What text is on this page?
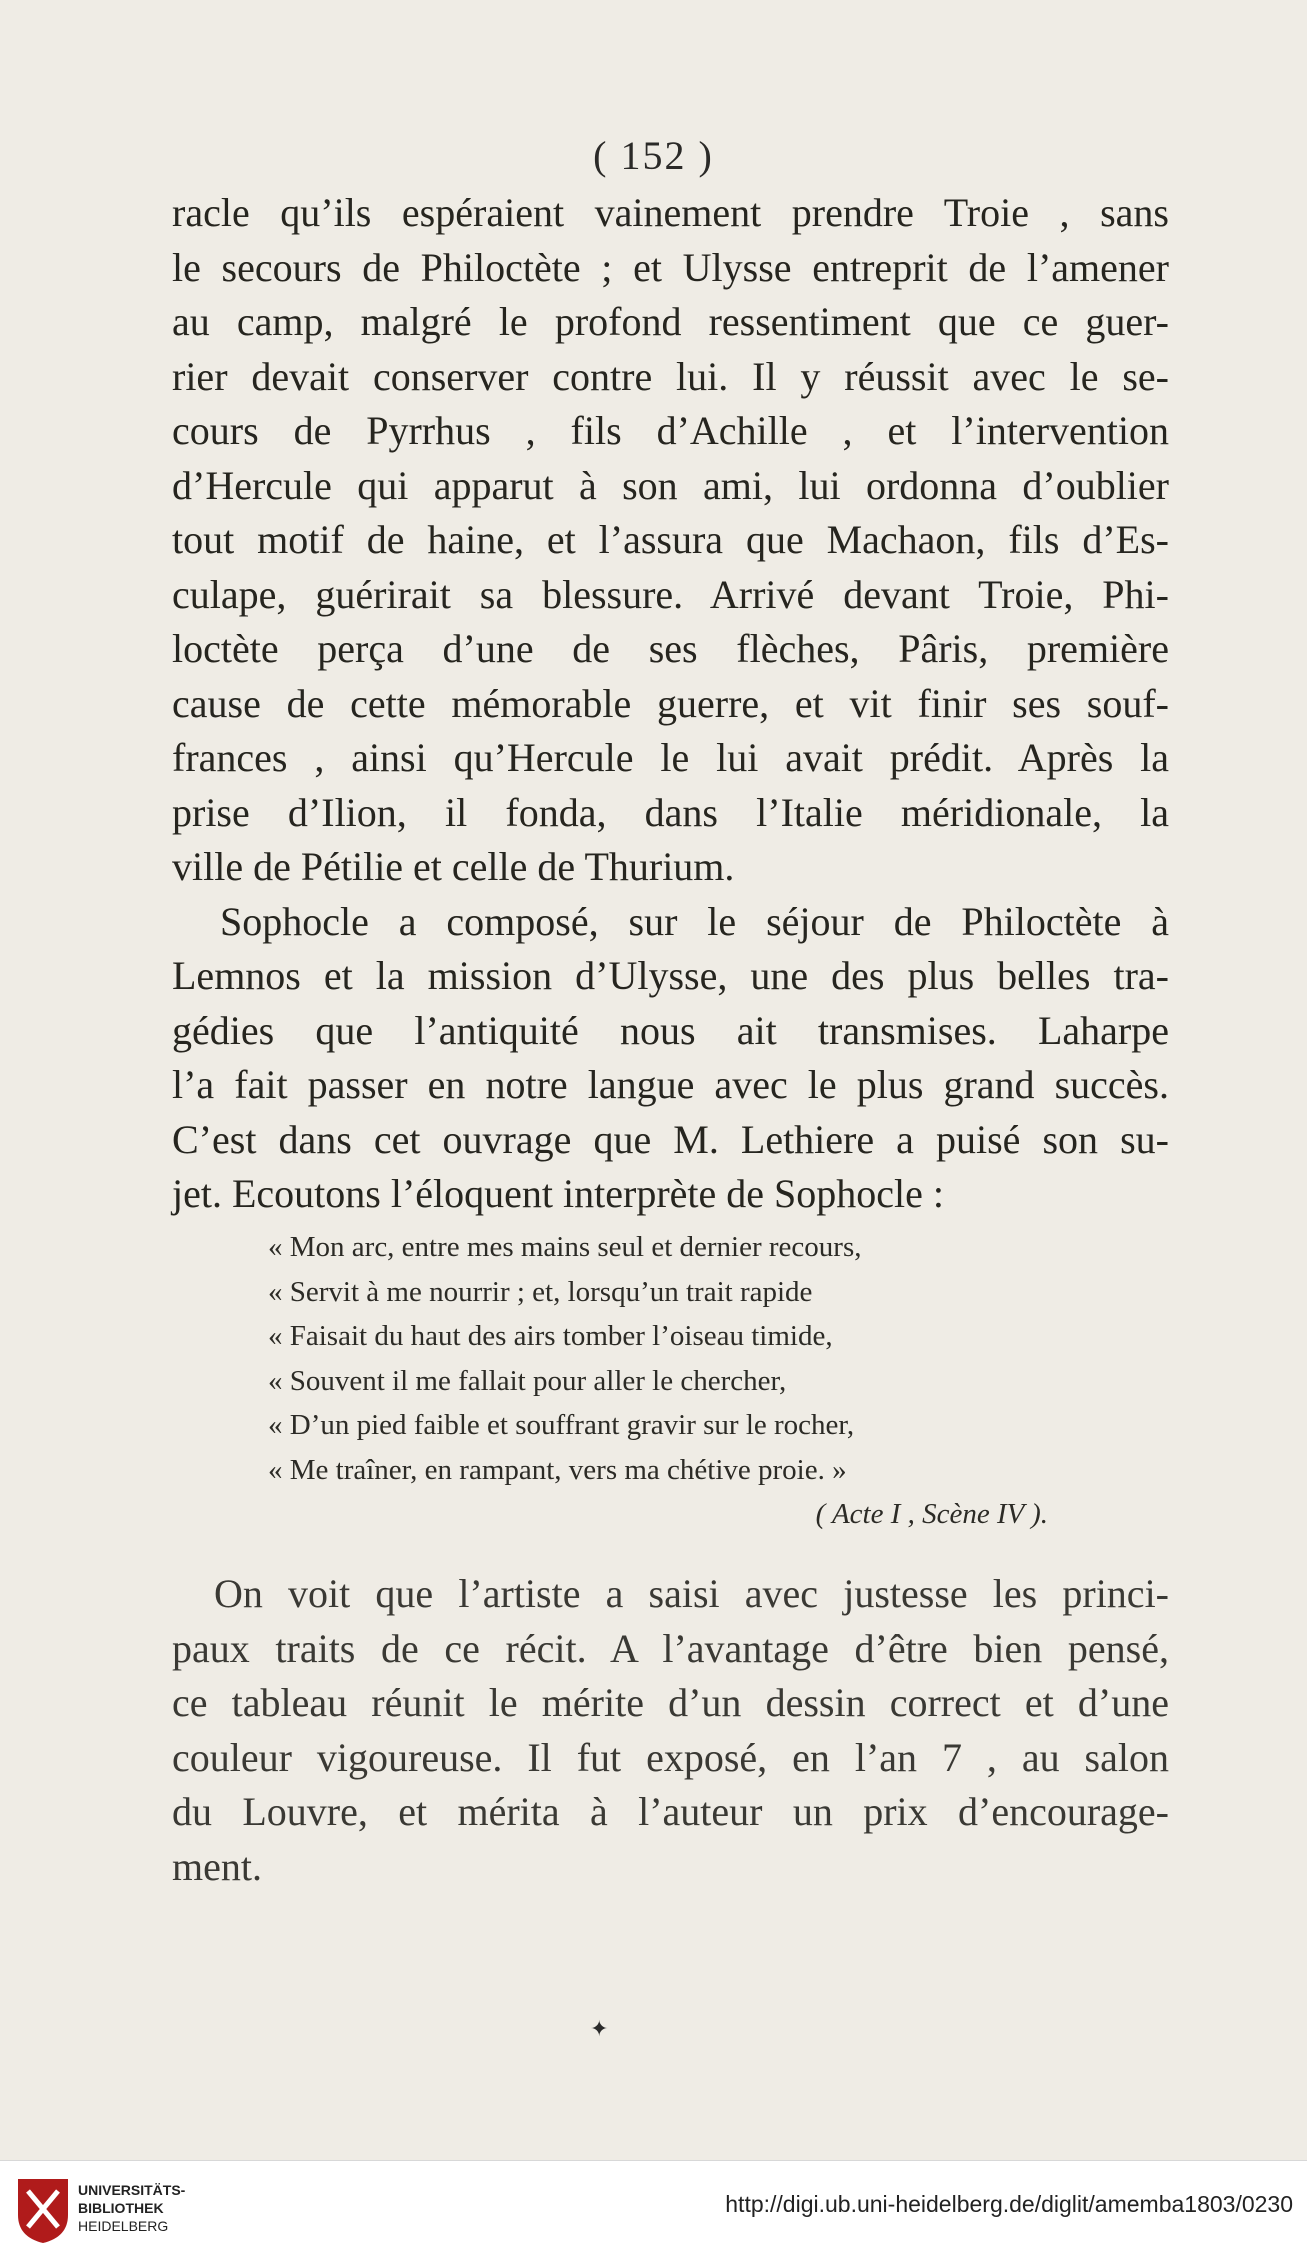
( 152 )

racle qu’ils espéraient vainement prendre Troie , sans
le secours de Philoctète ; et Ulysse entreprit de l’amener
au camp, malgré le profond ressentiment que ce guer-
rier devait conserver contre lui. Il y réussit avec le se-
cours de Pyrrhus , fils d’Achille , et l’intervention
d’Hercule qui apparut à son ami, lui ordonna d’oublier
tout motif de haine, et l’assura que Machaon, fils d’Es-
culape, guérirait sa blessure. Arrivé devant Troie, Phi-
loctète perça d’une de ses flèches, Pâris, première
cause de cette mémorable guerre, et vit finir ses souf-
frances , ainsi qu’Hercule le lui avait prédit. Après la
prise d’Ilion, il fonda, dans l’Italie méridionale, la
ville de Pétilie et celle de Thurium.

Sophocle a composé, sur le séjour de Philoctète à
Lemnos et la mission d’Ulysse, une des plus belles tra-
gédies que l’antiquité nous ait transmises. Laharpe
l’a fait passer en notre langue avec le plus grand succès.
C’est dans cet ouvrage que M. Lethiere a puisé son su-
jet. Ecoutons l’éloquent interprète de Sophocle :

« Mon arc, entre mes mains seul et dernier recours,
« Servit à me nourrir ; et, lorsqu’un trait rapide
« Faisait du haut des airs tomber l’oiseau timide,
« Souvent il me fallait pour aller le chercher,
« D’un pied faible et souffrant gravir sur le rocher,
« Me traîner, en rampant, vers ma chétive proie. »
( Acte I , Scène IV ).

On voit que l’artiste a saisi avec justesse les princi-
paux traits de ce récit. A l’avantage d’être bien pensé,
ce tableau réunit le mérite d’un dessin correct et d’une
couleur vigoureuse. Il fut exposé, en l’an 7 , au salon
du Louvre, et mérita à l’auteur un prix d’encourage-
ment.

✦
UNIVERSITÄTS-
BIBLIOTHEK
HEIDELBERG
http://digi.ub.uni-heidelberg.de/diglit/amemba1803/0230
